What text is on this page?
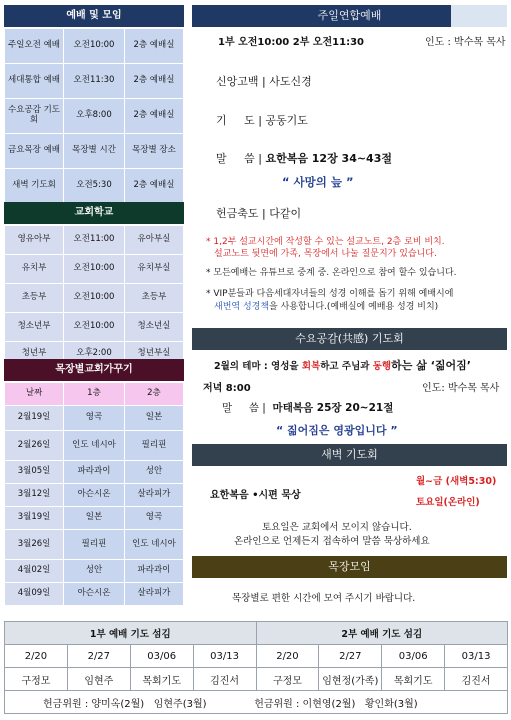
예배 및 모임
주일오전 예배	오전10:00	2층 예배실
세대통합 예배	오전11:30	2층 예배실
수요공감 기도회	오후8:00	2층 예배실
금요목장 예배	목장별 시간	목장별 장소
새벽 기도회	오전5:30	2층 예배실
교회학교
영유아부	오전11:00	유아부실
유치부	오전10:00	유치부실
초등부	오전10:00	초등부
청소년부	오전10:00	청소년실
청년부	오후2:00	청년부실
목장별교회가꾸기
날짜	1층	2층
2월19일	영곡	일본
2월26일	인도 네시아	필리핀
3월05일	파라과이	성안
3월12일	아슨시온	살라피가
3월19일	일본	영곡
3월26일	필리핀	인도 네시아
4월02일	성안	파라과이
4월09일	아슨시온	살라피가
주일연합예배
1부 오전10:00 2부 오전11:30	인도 : 박수목 목사
신앙고백 | 사도신경
기     도 | 공동기도
말     씀 | 요한복음 12장 34~43절
“ 사망의 늪 ”
헌금축도 | 다같이
* 1,2부 설교시간에 작성할 수 있는 설교노트, 2층 로비 비치.
설교노트 뒷면에 가족, 목장에서 나눌 질문지가 있습니다.
* 모든예배는 유튜브로 중계 중. 온라인으로 참여 할수 있습니다.
* VIP분들과 다음세대자녀들의 성경 이해를 돕기 위해 예배시에
새번역 성경책을 사용합니다.(예배실에 예배용 성경 비치)
수요공감(共感) 기도회
2월의 테마 : 영성을 회복하고 주님과 동행하는 삶 ‘짊어짐’
저녁 8:00	인도: 박수목 목사
말     씀 | 마태복음 25장 20~21절
“ 짊어짐은 영광입니다 ”
새벽 기도회
요한복음 •시편 묵상
월~금 (새벽5:30)
토요일(온라인)
토요일은 교회에서 모이지 않습니다.
온라인으로 언제든지 접속하여 말씀 묵상하세요
목장모임
목장별로 편한 시간에 모여 주시기 바랍니다.
1부 예배 기도 섬김				2부 예배 기도 섬김			
2/20	2/27	03/06	03/13	2/20	2/27	03/06	03/13
구정모	임현주	목회기도	김진서	구정모	임현정(가족)	목회기도	김진서
헌금위원 : 양미옥(2월)   임현주(3월)               헌금위원 : 이현영(2월)   황인화(3월)							
